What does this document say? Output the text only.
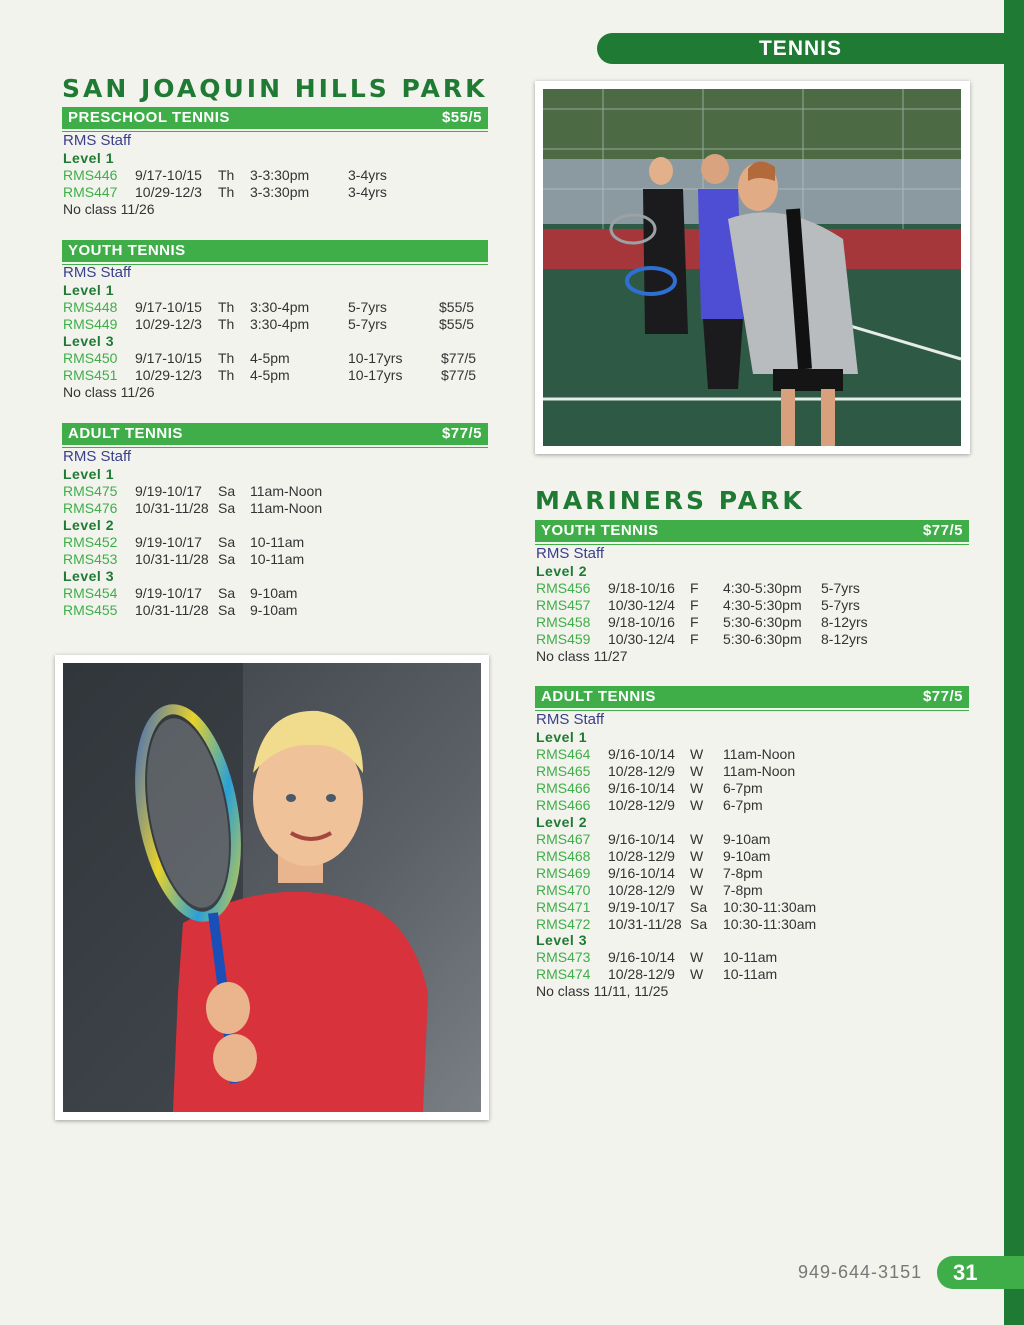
TENNIS
SAN JOAQUIN HILLS PARK
PRESCHOOL TENNIS	$55/5
RMS Staff
Level 1
RMS446 9/17-10/15 Th 3-3:30pm	3-4yrs
RMS447 10/29-12/3 Th 3-3:30pm	3-4yrs
No class 11/26
YOUTH TENNIS
RMS Staff
Level 1
RMS448 9/17-10/15 Th 3:30-4pm	5-7yrs	$55/5
RMS449 10/29-12/3 Th 3:30-4pm	5-7yrs	$55/5
Level 3
RMS450 9/17-10/15 Th 4-5pm	10-17yrs	$77/5
RMS451 10/29-12/3 Th 4-5pm	10-17yrs	$77/5
No class 11/26
ADULT TENNIS	$77/5
RMS Staff
Level 1
RMS475 9/19-10/17 Sa 11am-Noon
RMS476 10/31-11/28 Sa 11am-Noon
Level 2
RMS452 9/19-10/17 Sa 10-11am
RMS453 10/31-11/28 Sa 10-11am
Level 3
RMS454 9/19-10/17 Sa 9-10am
RMS455 10/31-11/28 Sa 9-10am
MARINERS PARK
YOUTH TENNIS	$77/5
RMS Staff
Level 2
RMS456 9/18-10/16 F 4:30-5:30pm 5-7yrs
RMS457 10/30-12/4 F 4:30-5:30pm 5-7yrs
RMS458 9/18-10/16 F 5:30-6:30pm 8-12yrs
RMS459 10/30-12/4 F 5:30-6:30pm 8-12yrs
No class 11/27
ADULT TENNIS	$77/5
RMS Staff
Level 1
RMS464 9/16-10/14 W 11am-Noon
RMS465 10/28-12/9 W 11am-Noon
RMS466 9/16-10/14 W 6-7pm
RMS466 10/28-12/9 W 6-7pm
Level 2
RMS467 9/16-10/14 W 9-10am
RMS468 10/28-12/9 W 9-10am
RMS469 9/16-10/14 W 7-8pm
RMS470 10/28-12/9 W 7-8pm
RMS471 9/19-10/17 Sa 10:30-11:30am
RMS472 10/31-11/28 Sa 10:30-11:30am
Level 3
RMS473 9/16-10/14 W 10-11am
RMS474 10/28-12/9 W 10-11am
No class 11/11, 11/25
949-644-3151	31
